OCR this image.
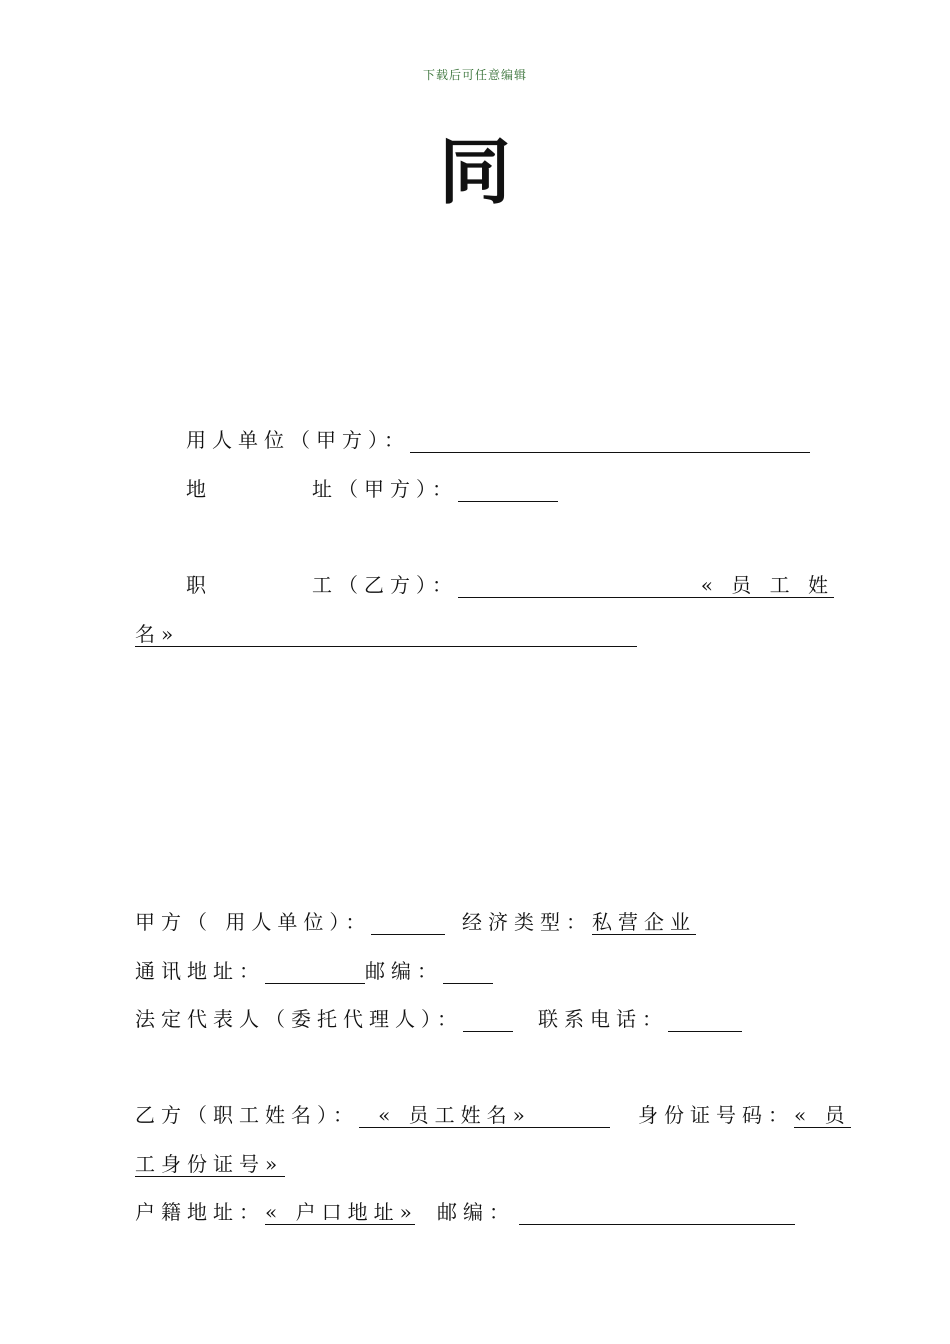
下载后可任意编辑
同
用人单位（甲方）：
地	址（甲方）：
职	工（乙方）：	« 员 工 姓
名»
甲方（ 用人单位）：	经济类型：私营企业
通讯地址：	邮编：
法定代表人（委托代理人）：	联系电话：
乙方（职工姓名）： « 员工姓名»	身份证号码：« 员
工身份证号»
户籍地址：« 户口地址» 邮编：
